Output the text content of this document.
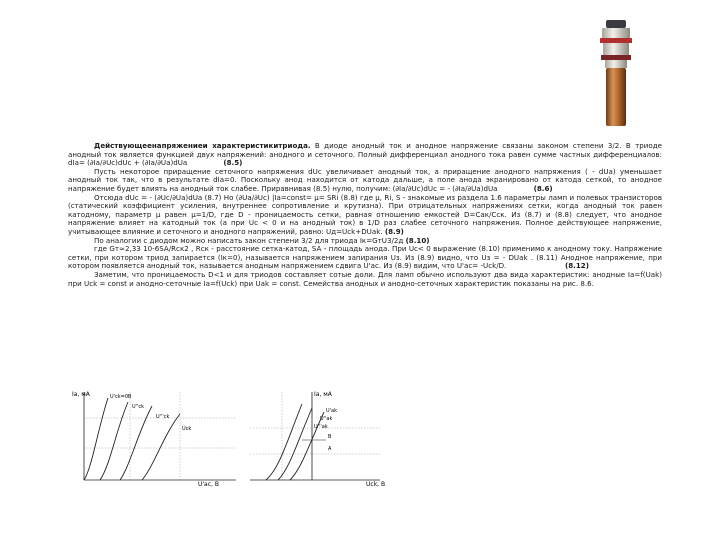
Действующеенапряжениеи характеристикитриода. В диоде анодный ток и анодное напряжение связаны законом степени 3/2. В триоде анодный ток является функцией двух напряжений: анодного и сеточного. Полный дифференциал анодного тока равен сумме частных дифференциалов: dIa= (∂Ia/∂Uc)dUc + (∂Ia/∂Ua)dUa	(8.5)

Пусть некоторое приращение сеточного напряжения dUc увеличивает анодный ток, а приращение анодного напряжения ( - dUa) уменьшает анодный ток так, что в результате dIa=0. Поскольку анод находится от катода дальше, а поле анода экранировано от катода сеткой, то анодное напряжение будет влиять на анодный ток слабее. Приравнивая (8.5) нулю, получим: (∂Ia/∂Uc)dUc = - (∂Ia/∂Ua)dUa	(8.6)

Отсюда dUc = - (∂Uc/∂Ua)dUa (8.7) Но (∂Ua/∂Uc) |Ia=const= μ= SRi (8.8) где μ, Ri, S - знакомые из раздела 1.6 параметры ламп и полевых транзисторов (статический коэффициент усиления, внутреннее сопротивление и крутизна). При отрицательных напряжениях сетки, когда анодный ток равен катодному, параметр μ равен μ=1/D, где D - проницаемость сетки, равная отношению емкостей D=Сак/Сск. Из (8.7) и (8.8) следует, что анодное напряжение влияет на катодный ток (а при Uc < 0 и на анодный ток) в 1/D раз слабее сеточного напряжения. Полное действующее напряжение, учитывающее влияние и сеточного и анодного напряжений, равно: Uд=Uck+DUak. (8.9)

По аналогии с диодом можно написать закон степени 3/2 для триода Iк=GтU3/2д (8.10)

где Gт≈2,33 10-6SA/Rск2 , Rск - расстояние сетка-катод, SA - площадь анода. При Uc< 0 выражение (8.10) применимо к анодному току. Напряжение сетки, при котором триод запирается (Iк=0), называется напряжением запирания Uз. Из (8.9) видно, что Uз = - DUak . (8.11) Анодное напряжение, при котором появляется анодный ток, называется анодным напряжением сдвига U'ас. Из (8.9) видим, что U'ac= -Uck/D.	(8.12)

Заметим, что проницаемость D<1 и для триодов составляет сотые доли. Для ламп обычно используют два вида характеристик: анодные Ia=f(Uak) при Uck = const и анодно-сеточные Ia=f(Uck) при Uak = const. Семейства анодных и анодно-сеточных характеристик показаны на рис. 8.6.

Ia, мА
U'ac, B
U'ck=0B
U''ck
U'''ck
Uck
Ia, мА
Uck, B
U'''ak
U''ak
U'ak
B
A
